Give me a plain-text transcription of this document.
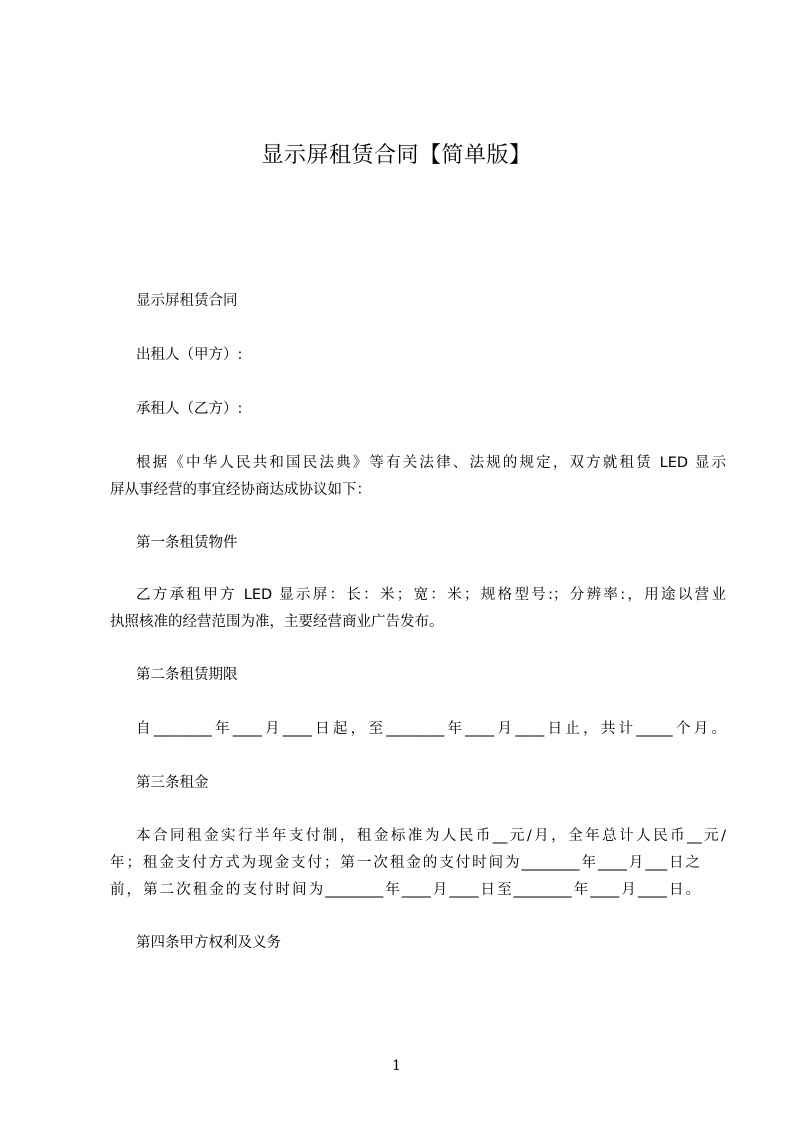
显示屏租赁合同【简单版】
显示屏租赁合同
出租人（甲方）:
承租人（乙方）:
根据《中华人民共和国民法典》等有关法律、法规的规定，双方就租赁 LED 显示
屏从事经营的事宜经协商达成协议如下：
第一条租赁物件
乙方承租甲方 LED 显示屏：长：米；宽：米；规格型号:；分辨率:，用途以营业
执照核准的经营范围为准，主要经营商业广告发布。
第二条租赁期限
自________年____月____日起，至________年____月____日止，共计_____个月。
第三条租金
本合同租金实行半年支付制，租金标准为人民币__元/月，全年总计人民币__元/
年；租金支付方式为现金支付；第一次租金的支付时间为________年____月___日之
前，第二次租金的支付时间为________年____月____日至________年____月____日。
第四条甲方权利及义务
1
